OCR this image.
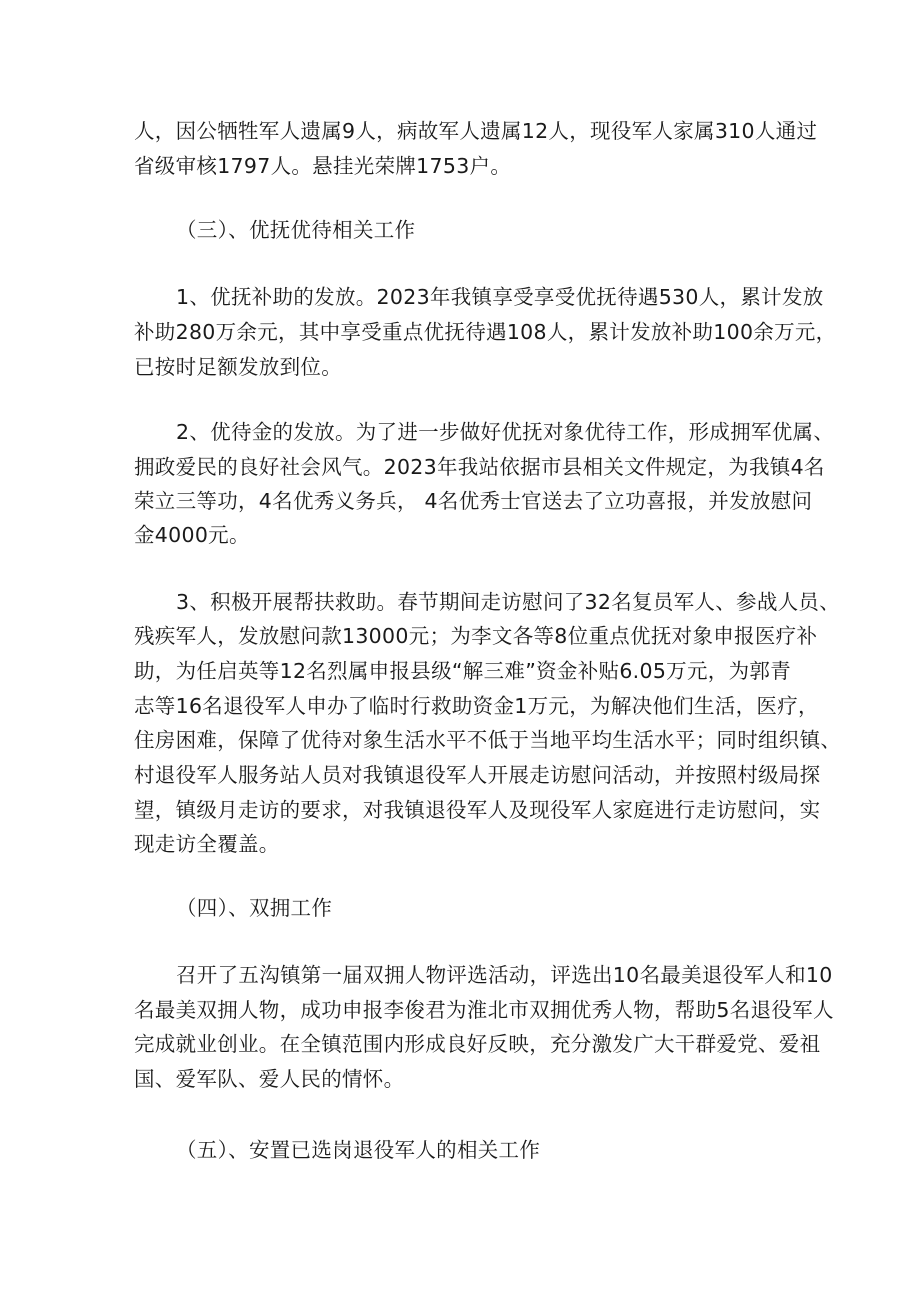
人，因公牺牲军人遗属9人，病故军人遗属12人，现役军人家属310人通过
省级审核1797人。悬挂光荣牌1753户。
（三）、优抚优待相关工作
1、优抚补助的发放。2023年我镇享受享受优抚待遇530人，累计发放
补助280万余元，其中享受重点优抚待遇108人，累计发放补助100余万元，
已按时足额发放到位。
2、优待金的发放。为了进一步做好优抚对象优待工作，形成拥军优属、
拥政爱民的良好社会风气。2023年我站依据市县相关文件规定，为我镇4名
荣立三等功，4名优秀义务兵， 4名优秀士官送去了立功喜报，并发放慰问
金4000元。
3、积极开展帮扶救助。春节期间走访慰问了32名复员军人、参战人员、
残疾军人，发放慰问款13000元；为李文各等8位重点优抚对象申报医疗补
助，为任启英等12名烈属申报县级“解三难”资金补贴6.05万元，为郭青
志等16名退役军人申办了临时行救助资金1万元，为解决他们生活，医疗，
住房困难，保障了优待对象生活水平不低于当地平均生活水平；同时组织镇、
村退役军人服务站人员对我镇退役军人开展走访慰问活动，并按照村级局探
望，镇级月走访的要求，对我镇退役军人及现役军人家庭进行走访慰问，实
现走访全覆盖。
（四）、双拥工作
召开了五沟镇第一届双拥人物评选活动，评选出10名最美退役军人和10
名最美双拥人物，成功申报李俊君为淮北市双拥优秀人物，帮助5名退役军人
完成就业创业。在全镇范围内形成良好反映，充分激发广大干群爱党、爱祖
国、爱军队、爱人民的情怀。
（五）、安置已选岗退役军人的相关工作
